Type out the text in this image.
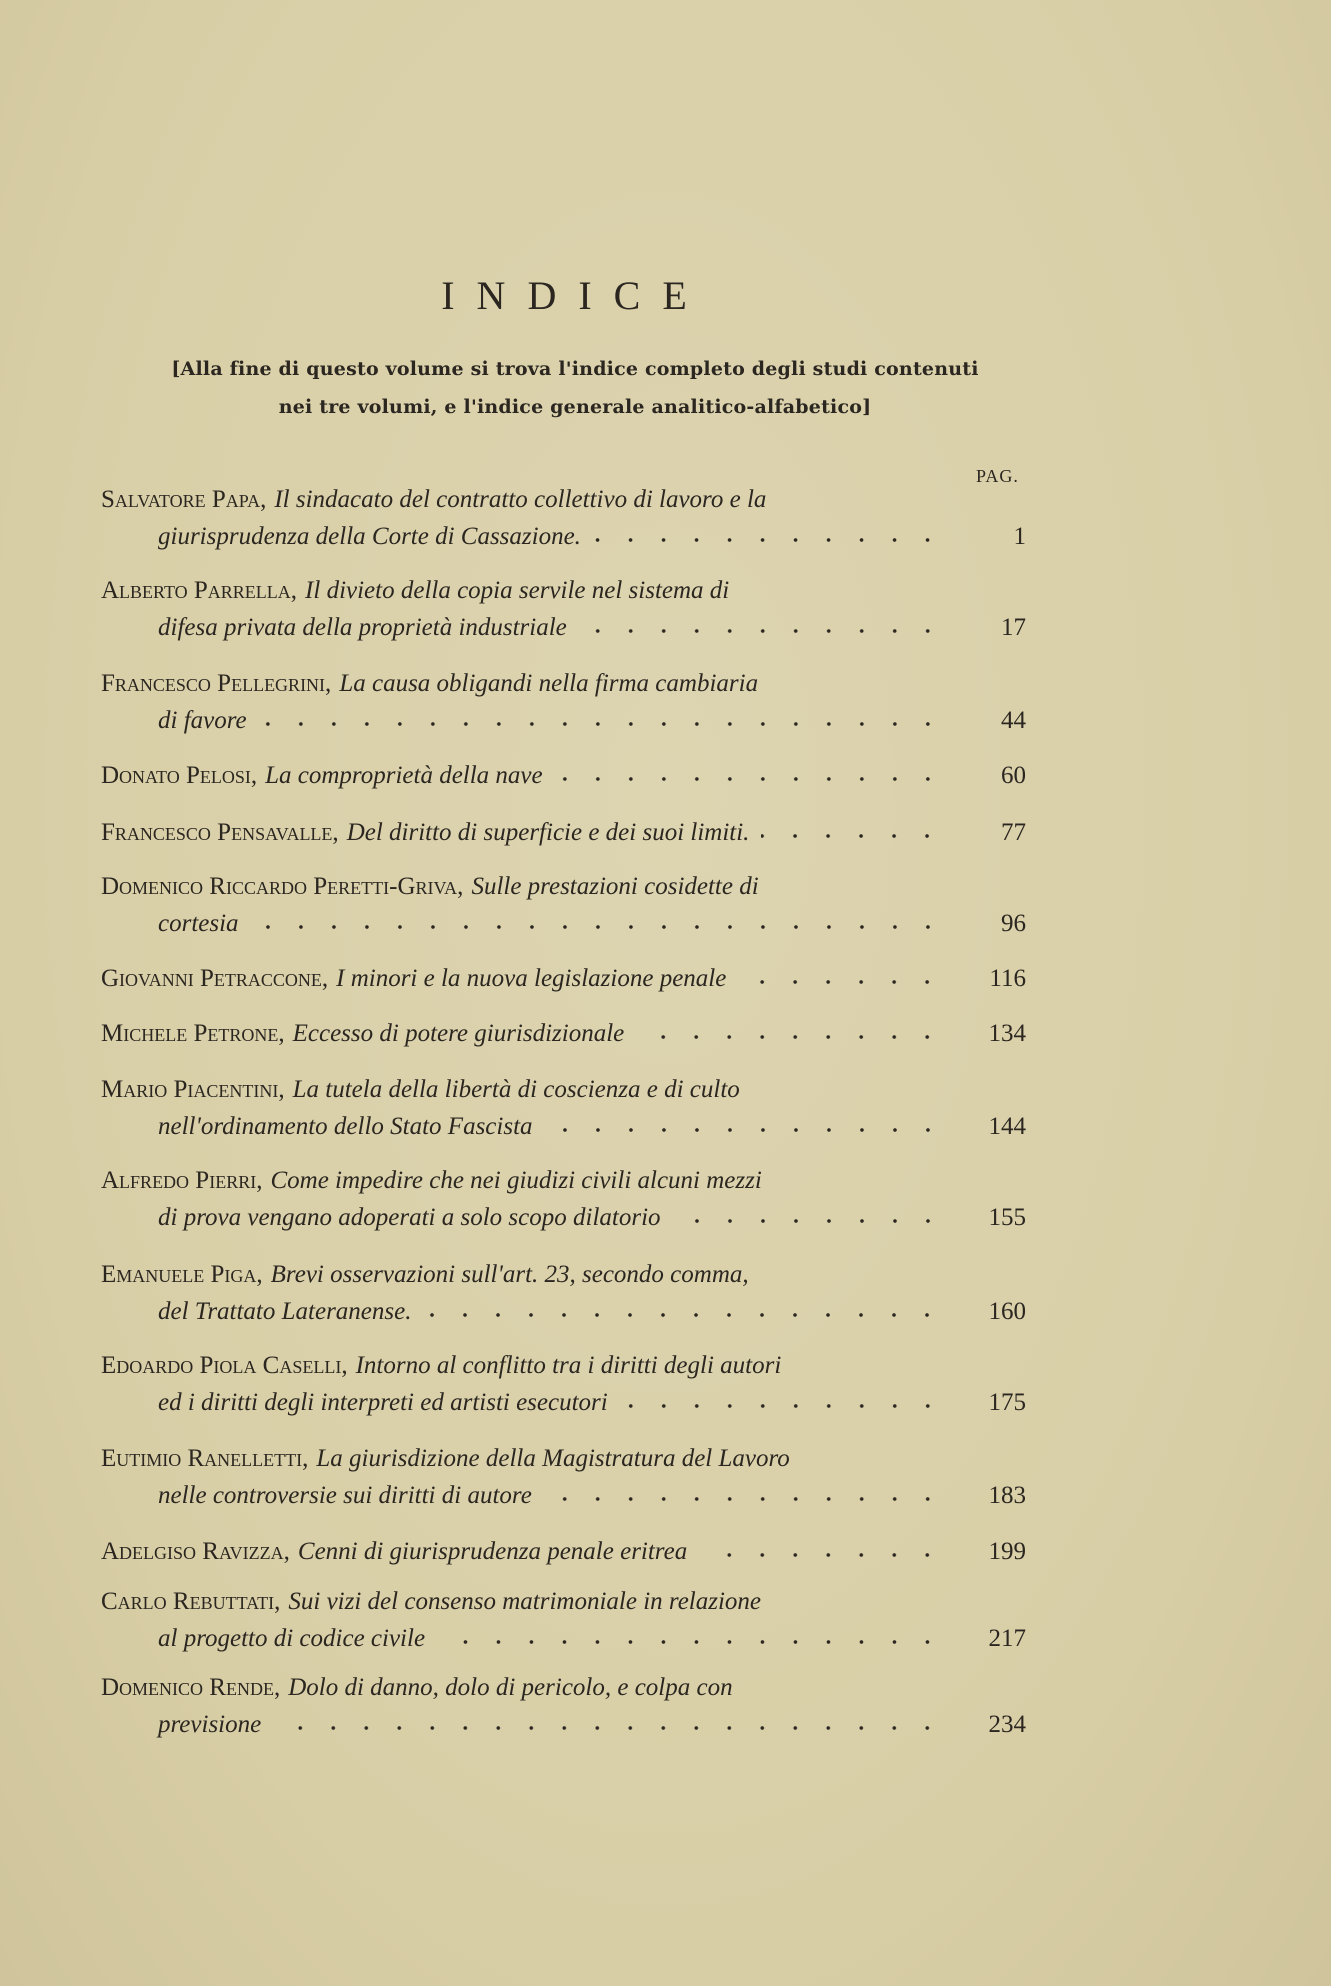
INDICE
[Alla fine di questo volume si trova l'indice completo degli studi contenuti
nei tre volumi, e l'indice generale analitico-alfabetico]
PAG.
Salvatore Papa, Il sindacato del contratto collettivo di lavoro e la
giurisprudenza della Corte di Cassazione.	1
Alberto Parrella, Il divieto della copia servile nel sistema di
difesa privata della proprietà industriale	17
Francesco Pellegrini, La causa obligandi nella firma cambiaria
di favore	44
Donato Pelosi, La comproprietà della nave	60
Francesco Pensavalle, Del diritto di superficie e dei suoi limiti.	77
Domenico Riccardo Peretti-Griva, Sulle prestazioni cosidette di
cortesia	96
Giovanni Petraccone, I minori e la nuova legislazione penale	116
Michele Petrone, Eccesso di potere giurisdizionale	134
Mario Piacentini, La tutela della libertà di coscienza e di culto
nell'ordinamento dello Stato Fascista	144
Alfredo Pierri, Come impedire che nei giudizi civili alcuni mezzi
di prova vengano adoperati a solo scopo dilatorio	155
Emanuele Piga, Brevi osservazioni sull'art. 23, secondo comma,
del Trattato Lateranense.	160
Edoardo Piola Caselli, Intorno al conflitto tra i diritti degli autori
ed i diritti degli interpreti ed artisti esecutori	175
Eutimio Ranelletti, La giurisdizione della Magistratura del Lavoro
nelle controversie sui diritti di autore	183
Adelgiso Ravizza, Cenni di giurisprudenza penale eritrea	199
Carlo Rebuttati, Sui vizi del consenso matrimoniale in relazione
al progetto di codice civile	217
Domenico Rende, Dolo di danno, dolo di pericolo, e colpa con
previsione	234
